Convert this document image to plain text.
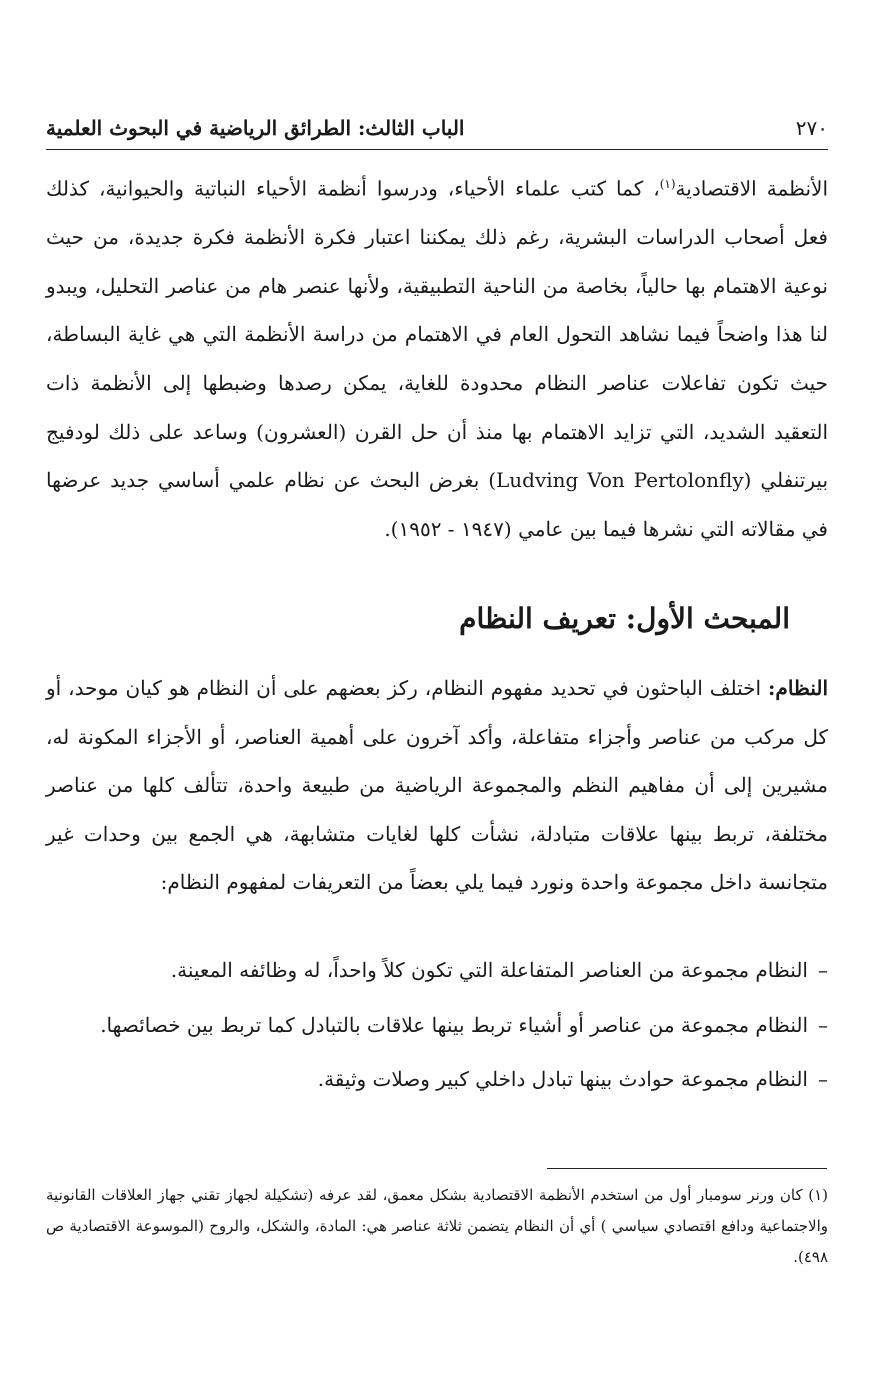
٢٧٠
الباب الثالث: الطرائق الرياضية في البحوث العلمية

الأنظمة الاقتصادية$^{(١)}$، كما كتب علماء الأحياء، ودرسوا أنظمة الأحياء النباتية والحيوانية، كذلك فعل أصحاب الدراسات البشرية، رغم ذلك يمكننا اعتبار فكرة الأنظمة فكرة جديدة، من حيث نوعية الاهتمام بها حالياً، بخاصة من الناحية التطبيقية، ولأنها عنصر هام من عناصر التحليل، ويبدو لنا هذا واضحاً فيما نشاهد التحول العام في الاهتمام من دراسة الأنظمة التي هي غاية البساطة، حيث تكون تفاعلات عناصر النظام محدودة للغاية، يمكن رصدها وضبطها إلى الأنظمة ذات التعقيد الشديد، التي تزايد الاهتمام بها منذ أن حل القرن (العشرون) وساعد على ذلك لودفيج بيرتنفلي (Ludving Von Pertolonfly) بغرض البحث عن نظام علمي أساسي جديد عرضها في مقالاته التي نشرها فيما بين عامي (١٩٤٧ - ١٩٥٢).

المبحث الأول: تعريف النظام

النظام: اختلف الباحثون في تحديد مفهوم النظام، ركز بعضهم على أن النظام هو كيان موحد، أو كل مركب من عناصر وأجزاء متفاعلة، وأكد آخرون على أهمية العناصر، أو الأجزاء المكونة له، مشيرين إلى أن مفاهيم النظم والمجموعة الرياضية من طبيعة واحدة، تتألف كلها من عناصر مختلفة، تربط بينها علاقات متبادلة، نشأت كلها لغايات متشابهة، هي الجمع بين وحدات غير متجانسة داخل مجموعة واحدة ونورد فيما يلي بعضاً من التعريفات لمفهوم النظام:

–النظام مجموعة من العناصر المتفاعلة التي تكون كلاً واحداً، له وظائفه المعينة.
–النظام مجموعة من عناصر أو أشياء تربط بينها علاقات بالتبادل كما تربط بين خصائصها.
–النظام مجموعة حوادث بينها تبادل داخلي كبير وصلات وثيقة.

(١) كان ورنر سومبار أول من استخدم الأنظمة الاقتصادية بشكل معمق، لقد عرفه (تشكيلة لجهاز تقني جهاز العلاقات القانونية والاجتماعية ودافع اقتصادي سياسي ) أي أن النظام يتضمن ثلاثة عناصر هي: المادة، والشكل، والروح (الموسوعة الاقتصادية ص ٤٩٨).
